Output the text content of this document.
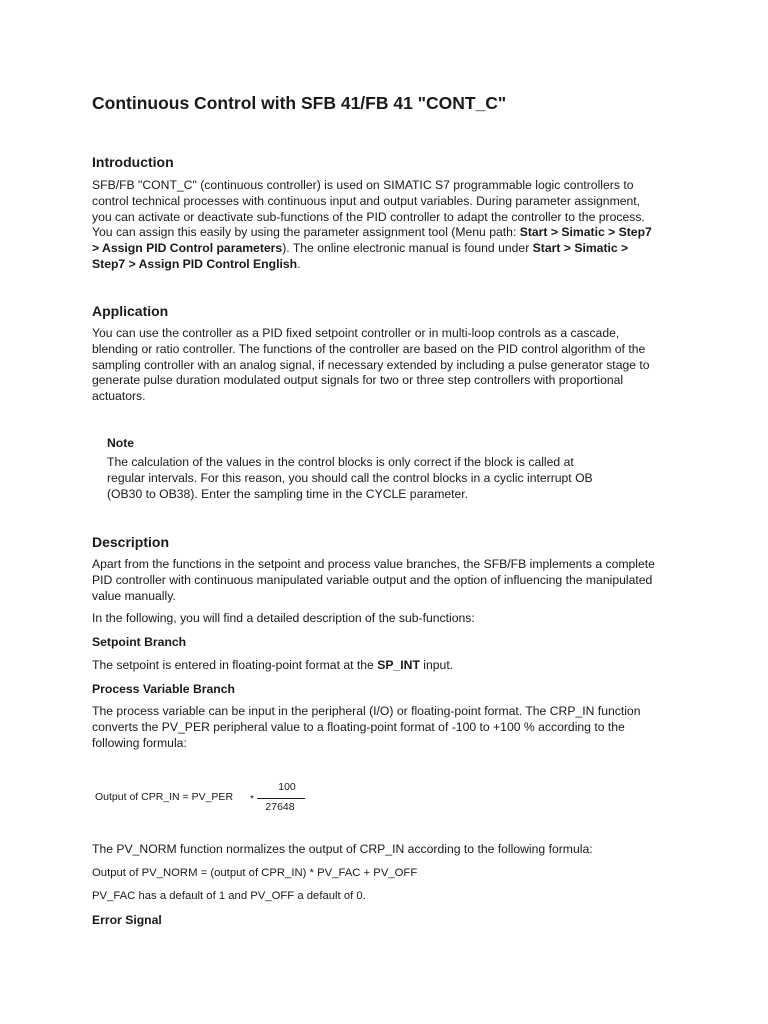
Continuous Control with SFB 41/FB 41 "CONT_C"
Introduction
SFB/FB "CONT_C" (continuous controller) is used on SIMATIC S7 programmable logic controllers to
control technical processes with continuous input and output variables. During parameter assignment,
you can activate or deactivate sub-functions of the PID controller to adapt the controller to the process.
You can assign this easily by using the parameter assignment tool (Menu path: Start > Simatic > Step7
> Assign PID Control parameters). The online electronic manual is found under Start > Simatic >
Step7 > Assign PID Control English.
Application
You can use the controller as a PID fixed setpoint controller or in multi-loop controls as a cascade,
blending or ratio controller. The functions of the controller are based on the PID control algorithm of the
sampling controller with an analog signal, if necessary extended by including a pulse generator stage to
generate pulse duration modulated output signals for two or three step controllers with proportional
actuators.
Note
The calculation of the values in the control blocks is only correct if the block is called at
regular intervals. For this reason, you should call the control blocks in a cyclic interrupt OB
(OB30 to OB38). Enter the sampling time in the CYCLE parameter.
Description
Apart from the functions in the setpoint and process value branches, the SFB/FB implements a complete
PID controller with continuous manipulated variable output and the option of influencing the manipulated
value manually.
In the following, you will find a detailed description of the sub-functions:
Setpoint Branch
The setpoint is entered in floating-point format at the SP_INT input.
Process Variable Branch
The process variable can be input in the peripheral (I/O) or floating-point format. The CRP_IN function
converts the PV_PER peripheral value to a floating-point format of -100 to +100 % according to the
following formula:
Output of CPR_IN = PV_PER *
100
27648
The PV_NORM function normalizes the output of CRP_IN according to the following formula:
Output of PV_NORM = (output of CPR_IN) * PV_FAC + PV_OFF
PV_FAC has a default of 1 and PV_OFF a default of 0.
Error Signal
